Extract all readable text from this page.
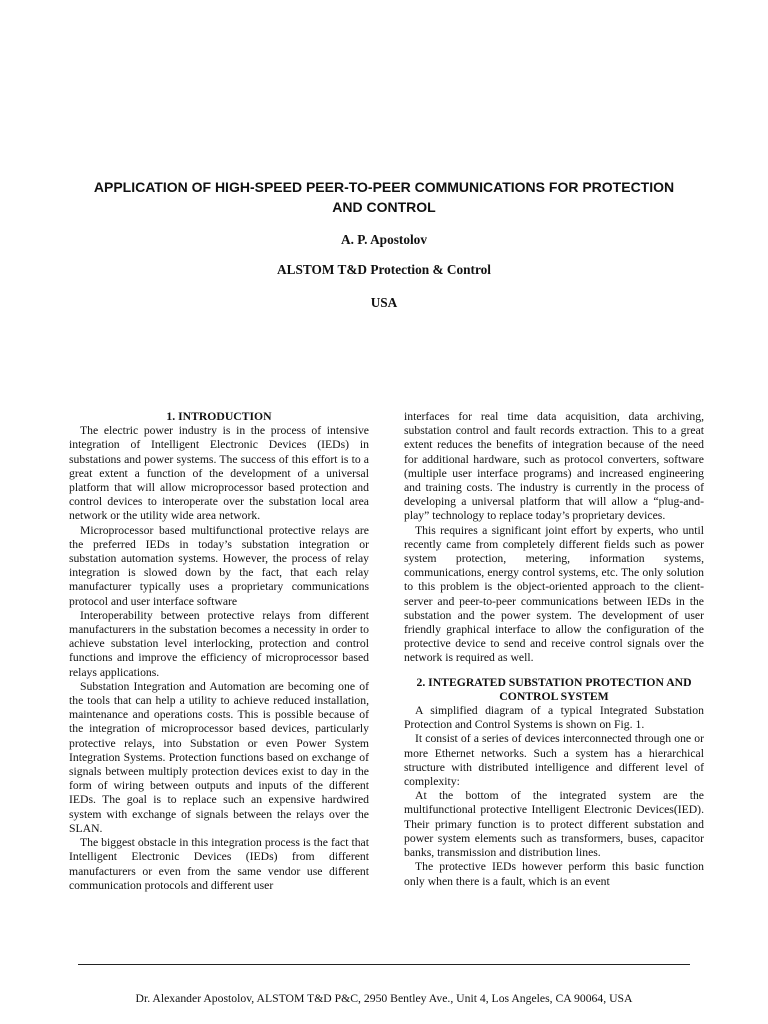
APPLICATION OF HIGH-SPEED PEER-TO-PEER COMMUNICATIONS FOR PROTECTION AND CONTROL

A. P. Apostolov

ALSTOM T&D Protection & Control

USA

1. INTRODUCTION

The electric power industry is in the process of intensive integration of Intelligent Electronic Devices (IEDs) in substations and power systems. The success of this effort is to a great extent a function of the development of a universal platform that will allow microprocessor based protection and control devices to interoperate over the substation local area network or the utility wide area network.

Microprocessor based multifunctional protective relays are the preferred IEDs in today’s substation integration or substation automation systems. However, the process of relay integration is slowed down by the fact, that each relay manufacturer typically uses a proprietary communications protocol and user interface software

Interoperability between protective relays from different manufacturers in the substation becomes a necessity in order to achieve substation level interlocking, protection and control functions and improve the efficiency of microprocessor based relays applications.

Substation Integration and Automation are becoming one of the tools that can help a utility to achieve reduced installation, maintenance and operations costs. This is possible because of the integration of microprocessor based devices, particularly protective relays, into Substation or even Power System Integration Systems. Protection functions based on exchange of signals between multiply protection devices exist to day in the form of wiring between outputs and inputs of the different IEDs. The goal is to replace such an expensive hardwired system with exchange of signals between the relays over the SLAN.

The biggest obstacle in this integration process is the fact that Intelligent Electronic Devices (IEDs) from different manufacturers or even from the same vendor use different communication protocols and different user

interfaces for real time data acquisition, data archiving, substation control and fault records extraction. This to a great extent reduces the benefits of integration because of the need for additional hardware, such as protocol converters, software (multiple user interface programs) and increased engineering and training costs. The industry is currently in the process of developing a universal platform that will allow a “plug-and-play” technology to replace today’s proprietary devices.

This requires a significant joint effort by experts, who until recently came from completely different fields such as power system protection, metering, information systems, communications, energy control systems, etc. The only solution to this problem is the object-oriented approach to the client-server and peer-to-peer communications between IEDs in the substation and the power system. The development of user friendly graphical interface to allow the configuration of the protective device to send and receive control signals over the network is required as well.

2. INTEGRATED SUBSTATION PROTECTION AND CONTROL SYSTEM

A simplified diagram of a typical Integrated Substation Protection and Control Systems is shown on Fig. 1.

It consist of a series of devices interconnected through one or more Ethernet networks. Such a system has a hierarchical structure with distributed intelligence and different level of complexity:

At the bottom of the integrated system are the multifunctional protective Intelligent Electronic Devices(IED). Their primary function is to protect different substation and power system elements such as transformers, buses, capacitor banks, transmission and distribution lines.

The protective IEDs however perform this basic function only when there is a fault, which is an event

Dr. Alexander Apostolov, ALSTOM T&D P&C, 2950 Bentley Ave., Unit 4, Los Angeles, CA 90064, USA
